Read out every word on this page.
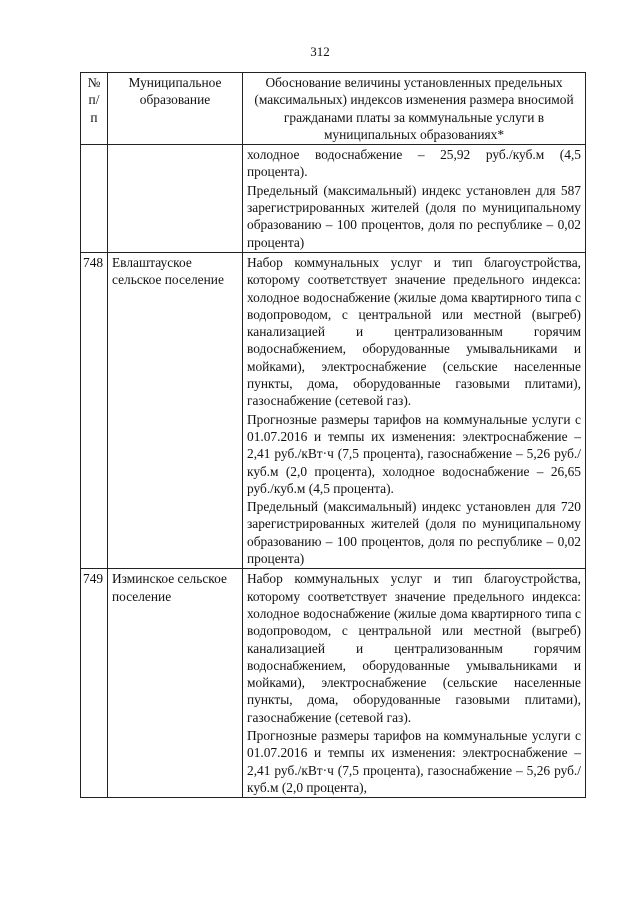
312
№
п/п	Муниципальное образование	Обоснование величины установленных предельных (максимальных) индексов изменения размера вносимой гражданами платы за коммунальные услуги в муниципальных образованиях*

		холодное водоснабжение – 25,92 руб./куб.м (4,5 процента).

Предельный (максимальный) индекс установлен для 587 зарегистрированных жителей (доля по муниципальному образованию – 100 процентов, доля по республике – 0,02 процента)

748	Евлаштауское сельское поселение	Набор коммунальных услуг и тип благоустройства, которому соответствует значение предельного индекса: холодное водоснабжение (жилые дома квартирного типа с водопроводом, с центральной или местной (выгреб) канализацией и централизованным горячим водоснабжением, оборудованные умывальниками и мойками), электроснабжение (сельские населенные пункты, дома, оборудованные газовыми плитами), газоснабжение (сетевой газ).

Прогнозные размеры тарифов на коммунальные услуги с 01.07.2016 и темпы их изменения: электроснабжение – 2,41 руб./кВт·ч (7,5 процента), газоснабжение – 5,26 руб./куб.м (2,0 процента), холодное водоснабжение – 26,65 руб./куб.м (4,5 процента).

Предельный (максимальный) индекс установлен для 720 зарегистрированных жителей (доля по муниципальному образованию – 100 процентов, доля по республике – 0,02 процента)

749	Изминское сельское поселение	Набор коммунальных услуг и тип благоустройства, которому соответствует значение предельного индекса: холодное водоснабжение (жилые дома квартирного типа с водопроводом, с центральной или местной (выгреб) канализацией и централизованным горячим водоснабжением, оборудованные умывальниками и мойками), электроснабжение (сельские населенные пункты, дома, оборудованные газовыми плитами), газоснабжение (сетевой газ).

Прогнозные размеры тарифов на коммунальные услуги с 01.07.2016 и темпы их изменения: электроснабжение – 2,41 руб./кВт·ч (7,5 процента), газоснабжение – 5,26 руб./куб.м (2,0 процента),
